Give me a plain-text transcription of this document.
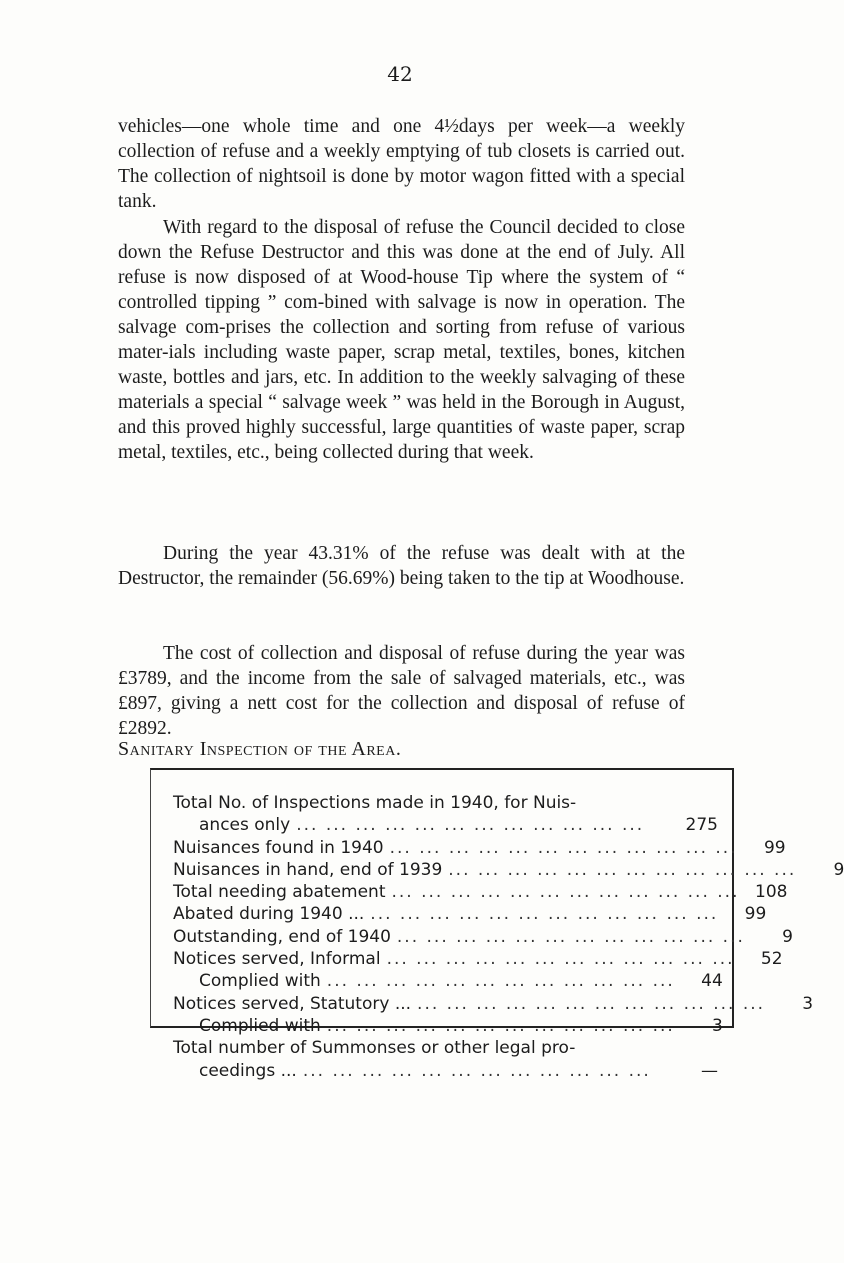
42

vehicles—one whole time and one 4½days per week—a weekly collection of refuse and a weekly emptying of tub closets is carried out. The collection of nightsoil is done by motor wagon fitted with a special tank.

With regard to the disposal of refuse the Council decided to close down the Refuse Destructor and this was done at the end of July. All refuse is now disposed of at Wood-house Tip where the system of “ controlled tipping ” com-bined with salvage is now in operation. The salvage com-prises the collection and sorting from refuse of various mater-ials including waste paper, scrap metal, textiles, bones, kitchen waste, bottles and jars, etc. In addition to the weekly salvaging of these materials a special “ salvage week ” was held in the Borough in August, and this proved highly successful, large quantities of waste paper, scrap metal, textiles, etc., being collected during that week.

During the year 43.31% of the refuse was dealt with at the Destructor, the remainder (56.69%) being taken to the tip at Woodhouse.

The cost of collection and disposal of refuse during the year was £3789, and the income from the sale of salvaged materials, etc., was £897, giving a nett cost for the collection and disposal of refuse of £2892.

Sanitary Inspection of the Area.
Total No. of Inspections made in 1940, for Nuis-
ances only ... ... ... ... ... ... ... ... ... ... ... ...	275
Nuisances found in 1940 ... ... ... ... ... ... ... ... ... ... ... ...	99
Nuisances in hand, end of 1939 ... ... ... ... ... ... ... ... ... ... ... ...	9
Total needing abatement ... ... ... ... ... ... ... ... ... ... ... ... 108
Abated during 1940 ... ... ... ... ... ... ... ... ... ... ... ... ...	99
Outstanding, end of 1940 ... ... ... ... ... ... ... ... ... ... ... ...	9
Notices served, Informal ... ... ... ... ... ... ... ... ... ... ... ...	52
Complied with ... ... ... ... ... ... ... ... ... ... ... ...	44
Notices served, Statutory ... ... ... ... ... ... ... ... ... ... ... ... ...	3
Complied with ... ... ... ... ... ... ... ... ... ... ... ...	3
Total number of Summonses or other legal pro-
ceedings ... ... ... ... ... ... ... ... ... ... ... ... ...	—
